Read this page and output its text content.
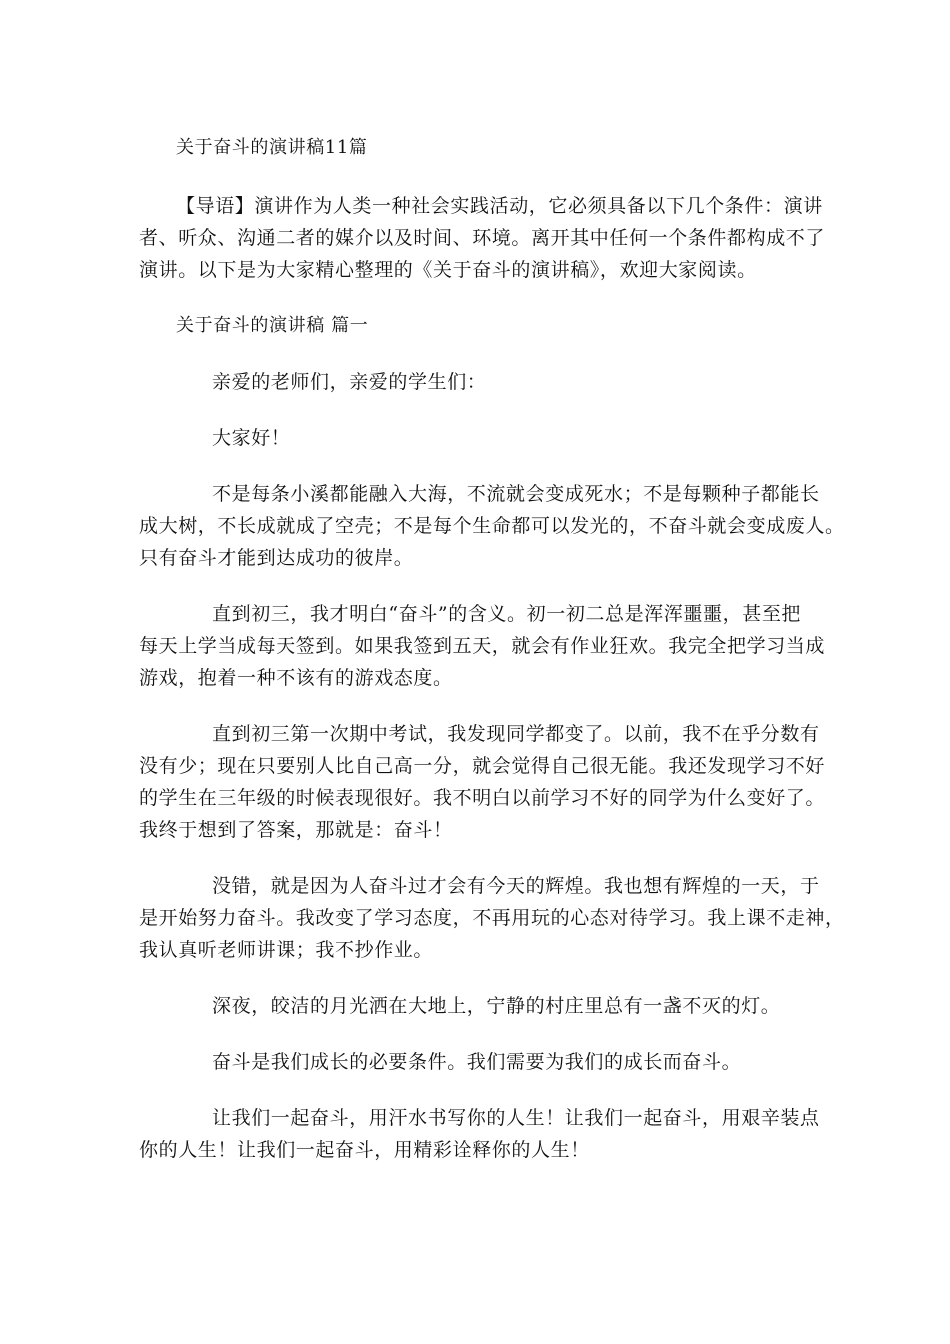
关于奋斗的演讲稿11篇
【导语】演讲作为人类一种社会实践活动，它必须具备以下几个条件：演讲
者、听众、沟通二者的媒介以及时间、环境。离开其中任何一个条件都构成不了
演讲。以下是为大家精心整理的《关于奋斗的演讲稿》，欢迎大家阅读。
关于奋斗的演讲稿 篇一
亲爱的老师们，亲爱的学生们：
大家好！
不是每条小溪都能融入大海，不流就会变成死水；不是每颗种子都能长
成大树，不长成就成了空壳；不是每个生命都可以发光的，不奋斗就会变成废人。
只有奋斗才能到达成功的彼岸。
直到初三，我才明白“奋斗”的含义。初一初二总是浑浑噩噩，甚至把
每天上学当成每天签到。如果我签到五天，就会有作业狂欢。我完全把学习当成
游戏，抱着一种不该有的游戏态度。
直到初三第一次期中考试，我发现同学都变了。以前，我不在乎分数有
没有少；现在只要别人比自己高一分，就会觉得自己很无能。我还发现学习不好
的学生在三年级的时候表现很好。我不明白以前学习不好的同学为什么变好了。
我终于想到了答案，那就是：奋斗！
没错，就是因为人奋斗过才会有今天的辉煌。我也想有辉煌的一天，于
是开始努力奋斗。我改变了学习态度，不再用玩的心态对待学习。我上课不走神，
我认真听老师讲课；我不抄作业。
深夜，皎洁的月光洒在大地上，宁静的村庄里总有一盏不灭的灯。
奋斗是我们成长的必要条件。我们需要为我们的成长而奋斗。
让我们一起奋斗，用汗水书写你的人生！让我们一起奋斗，用艰辛装点
你的人生！让我们一起奋斗，用精彩诠释你的人生！
